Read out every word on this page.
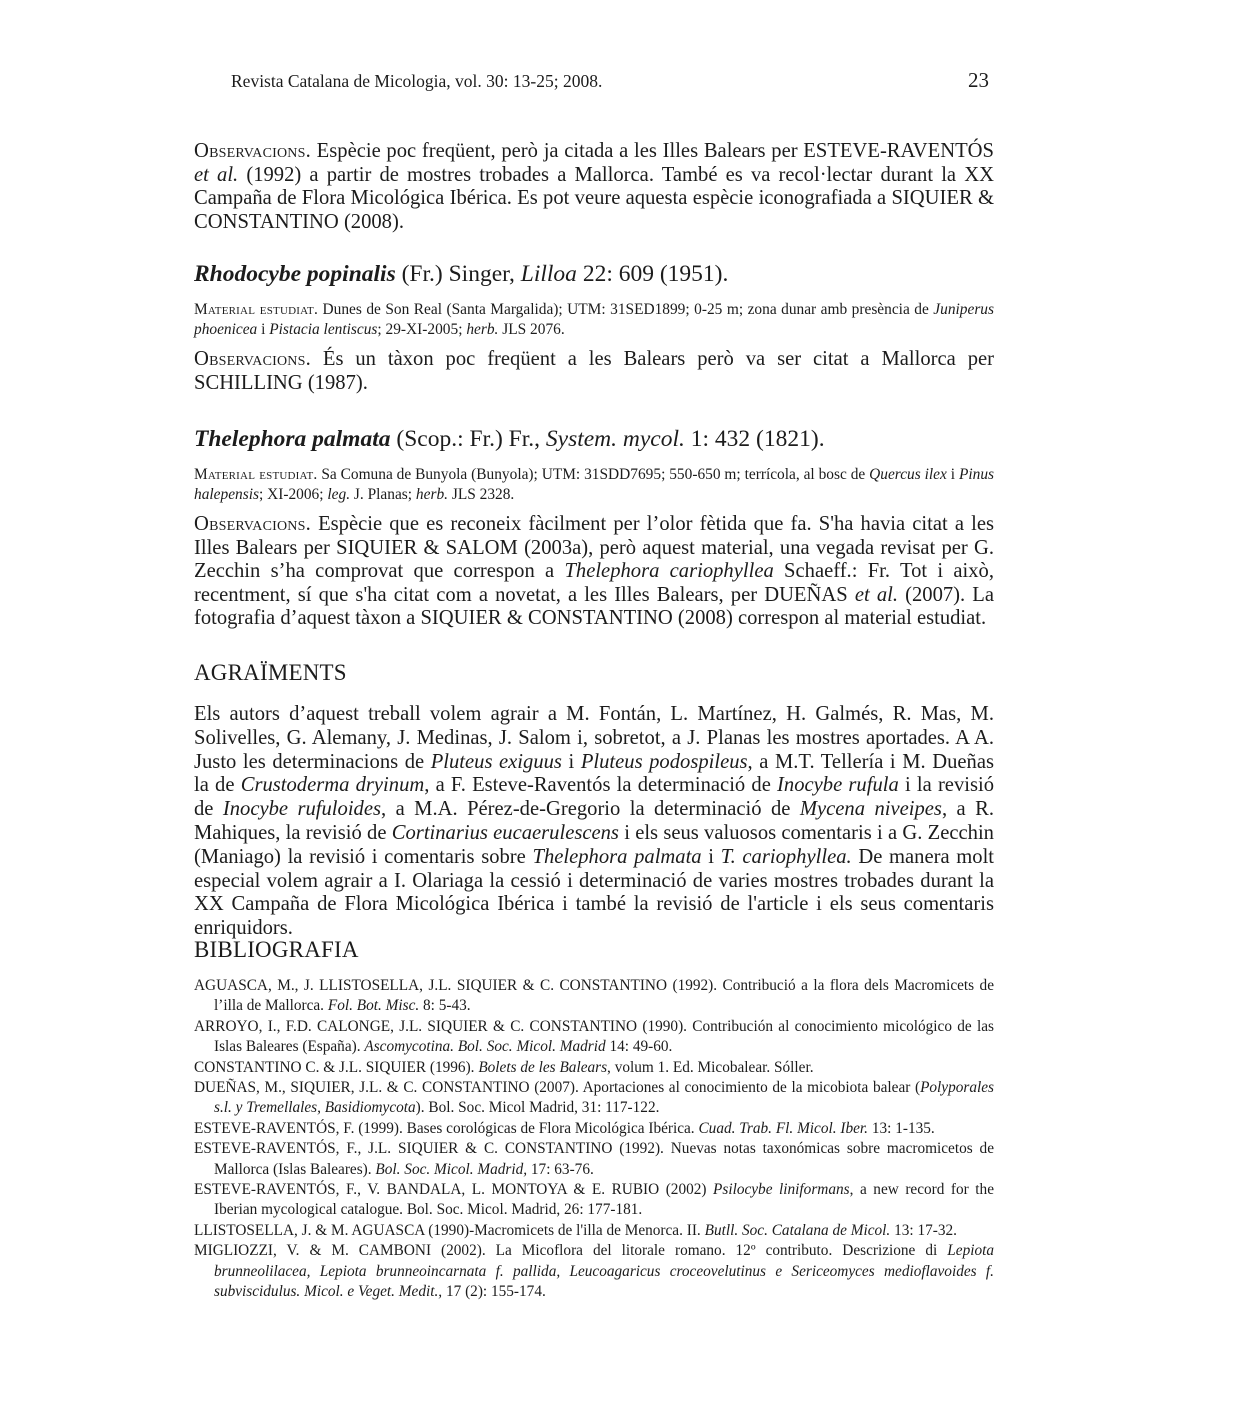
Revista Catalana de Micologia, vol. 30: 13-25; 2008.	23
Observacions. Espècie poc freqüent, però ja citada a les Illes Balears per ESTEVE-RAVENTÓS et al. (1992) a partir de mostres trobades a Mallorca. També es va recol·lectar durant la XX Campaña de Flora Micológica Ibérica. Es pot veure aquesta espècie iconografiada a SIQUIER & CONSTANTINO (2008).
Rhodocybe popinalis (Fr.) Singer, Lilloa 22: 609 (1951).
Material estudiat. Dunes de Son Real (Santa Margalida); UTM: 31SED1899; 0-25 m; zona dunar amb presència de Juniperus phoenicea i Pistacia lentiscus; 29-XI-2005; herb. JLS 2076.
Observacions. És un tàxon poc freqüent a les Balears però va ser citat a Mallorca per SCHILLING (1987).
Thelephora palmata (Scop.: Fr.) Fr., System. mycol. 1: 432 (1821).
Material estudiat. Sa Comuna de Bunyola (Bunyola); UTM: 31SDD7695; 550-650 m; terrícola, al bosc de Quercus ilex i Pinus halepensis; XI-2006; leg. J. Planas; herb. JLS 2328.
Observacions. Espècie que es reconeix fàcilment per l’olor fètida que fa. S'ha havia citat a les Illes Balears per SIQUIER & SALOM (2003a), però aquest material, una vegada revisat per G. Zecchin s’ha comprovat que correspon a Thelephora cariophyllea Schaeff.: Fr. Tot i això, recentment, sí que s'ha citat com a novetat, a les Illes Balears, per DUEÑAS et al. (2007). La fotografia d’aquest tàxon a SIQUIER & CONSTANTINO (2008) correspon al material estudiat.
AGRAÏMENTS
Els autors d’aquest treball volem agrair a M. Fontán, L. Martínez, H. Galmés, R. Mas, M. Solivelles, G. Alemany, J. Medinas, J. Salom i, sobretot, a J. Planas les mostres aportades. A A. Justo les determinacions de Pluteus exiguus i Pluteus podospileus, a M.T. Tellería i M. Dueñas la de Crustoderma dryinum, a F. Esteve-Raventós la determinació de Inocybe rufula i la revisió de Inocybe rufuloides, a M.A. Pérez-de-Gregorio la determinació de Mycena niveipes, a R. Mahiques, la revisió de Cortinarius eucaerulescens i els seus valuosos comentaris i a G. Zecchin (Maniago) la revisió i comentaris sobre Thelephora palmata i T. cariophyllea. De manera molt especial volem agrair a I. Olariaga la cessió i determinació de varies mostres trobades durant la XX Campaña de Flora Micológica Ibérica i també la revisió de l'article i els seus comentaris enriquidors.
BIBLIOGRAFIA
AGUASCA, M., J. LLISTOSELLA, J.L. SIQUIER & C. CONSTANTINO (1992). Contribució a la flora dels Macromicets de l’illa de Mallorca. Fol. Bot. Misc. 8: 5-43.
ARROYO, I., F.D. CALONGE, J.L. SIQUIER & C. CONSTANTINO (1990). Contribución al conocimiento micológico de las Islas Baleares (España). Ascomycotina. Bol. Soc. Micol. Madrid 14: 49-60.
CONSTANTINO C. & J.L. SIQUIER (1996). Bolets de les Balears, volum 1. Ed. Micobalear. Sóller.
DUEÑAS, M., SIQUIER, J.L. & C. CONSTANTINO (2007). Aportaciones al conocimiento de la micobiota balear (Polyporales s.l. y Tremellales, Basidiomycota). Bol. Soc. Micol Madrid, 31: 117-122.
ESTEVE-RAVENTÓS, F. (1999). Bases corológicas de Flora Micológica Ibérica. Cuad. Trab. Fl. Micol. Iber. 13: 1-135.
ESTEVE-RAVENTÓS, F., J.L. SIQUIER & C. CONSTANTINO (1992). Nuevas notas taxonómicas sobre macromicetos de Mallorca (Islas Baleares). Bol. Soc. Micol. Madrid, 17: 63-76.
ESTEVE-RAVENTÓS, F., V. BANDALA, L. MONTOYA & E. RUBIO (2002) Psilocybe liniformans, a new record for the Iberian mycological catalogue. Bol. Soc. Micol. Madrid, 26: 177-181.
LLISTOSELLA, J. & M. AGUASCA (1990)-Macromicets de l'illa de Menorca. II. Butll. Soc. Catalana de Micol. 13: 17-32.
MIGLIOZZI, V. & M. CAMBONI (2002). La Micoflora del litorale romano. 12º contributo. Descrizione di Lepiota brunneolilacea, Lepiota brunneoincarnata f. pallida, Leucoagaricus croceovelutinus e Sericeomyces medioflavoides f. subviscidulus. Micol. e Veget. Medit., 17 (2): 155-174.
